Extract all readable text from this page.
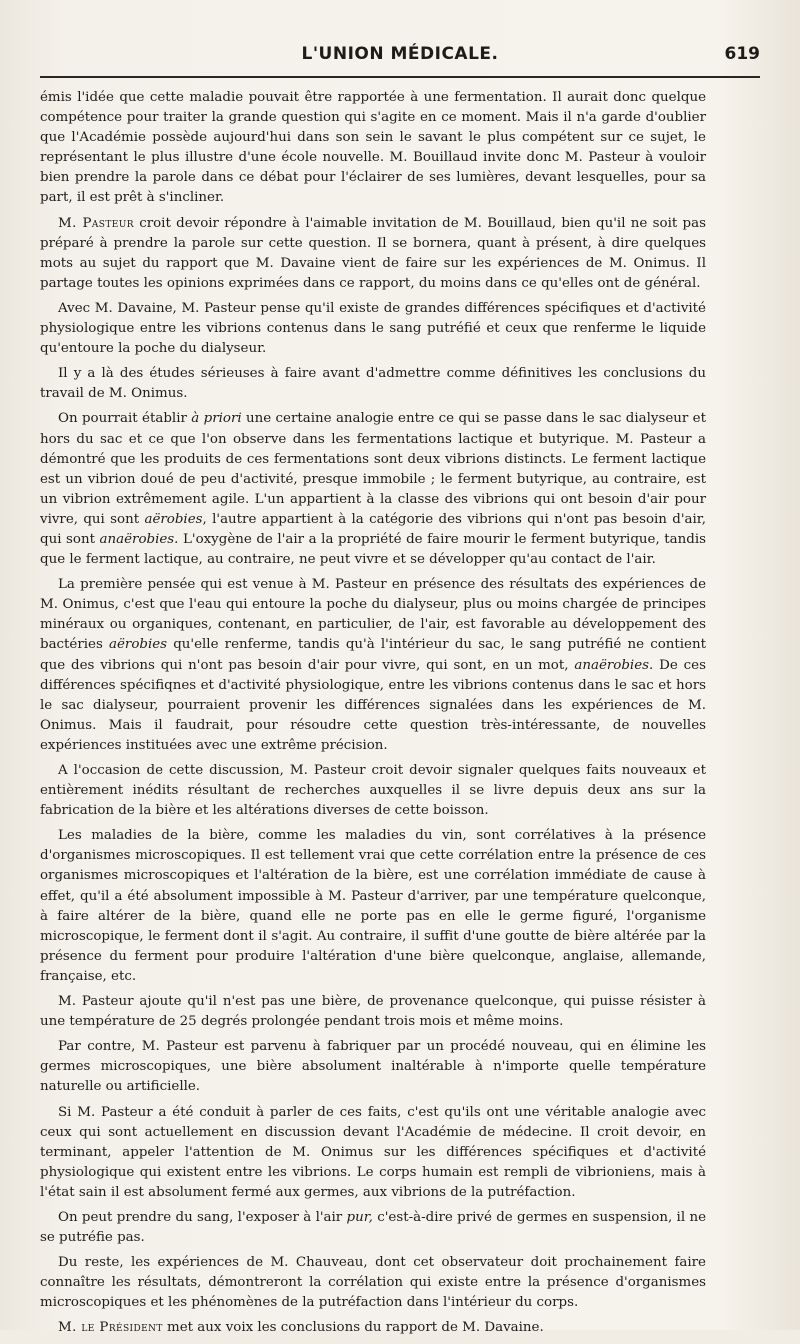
L'UNION MÉDICALE.	619

émis l'idée que cette maladie pouvait être rapportée à une fermentation. Il aurait donc quelque compétence pour traiter la grande question qui s'agite en ce moment. Mais il n'a garde d'oublier que l'Académie possède aujourd'hui dans son sein le savant le plus compétent sur ce sujet, le représentant le plus illustre d'une école nouvelle. M. Bouillaud invite donc M. Pasteur à vouloir bien prendre la parole dans ce débat pour l'éclairer de ses lumières, devant lesquelles, pour sa part, il est prêt à s'incliner.

M. Pasteur croit devoir répondre à l'aimable invitation de M. Bouillaud, bien qu'il ne soit pas préparé à prendre la parole sur cette question. Il se bornera, quant à présent, à dire quelques mots au sujet du rapport que M. Davaine vient de faire sur les expériences de M. Onimus. Il partage toutes les opinions exprimées dans ce rapport, du moins dans ce qu'elles ont de général.

Avec M. Davaine, M. Pasteur pense qu'il existe de grandes différences spécifiques et d'activité physiologique entre les vibrions contenus dans le sang putréfié et ceux que renferme le liquide qu'entoure la poche du dialyseur.

Il y a là des études sérieuses à faire avant d'admettre comme définitives les conclusions du travail de M. Onimus.

On pourrait établir à priori une certaine analogie entre ce qui se passe dans le sac dialyseur et hors du sac et ce que l'on observe dans les fermentations lactique et butyrique. M. Pasteur a démontré que les produits de ces fermentations sont deux vibrions distincts. Le ferment lactique est un vibrion doué de peu d'activité, presque immobile ; le ferment butyrique, au contraire, est un vibrion extrêmement agile. L'un appartient à la classe des vibrions qui ont besoin d'air pour vivre, qui sont aërobies, l'autre appartient à la catégorie des vibrions qui n'ont pas besoin d'air, qui sont anaërobies. L'oxygène de l'air a la propriété de faire mourir le ferment butyrique, tandis que le ferment lactique, au contraire, ne peut vivre et se développer qu'au contact de l'air.

La première pensée qui est venue à M. Pasteur en présence des résultats des expériences de M. Onimus, c'est que l'eau qui entoure la poche du dialyseur, plus ou moins chargée de principes minéraux ou organiques, contenant, en particulier, de l'air, est favorable au développement des bactéries aërobies qu'elle renferme, tandis qu'à l'intérieur du sac, le sang putréfié ne contient que des vibrions qui n'ont pas besoin d'air pour vivre, qui sont, en un mot, anaërobies. De ces différences spécifiqnes et d'activité physiologique, entre les vibrions contenus dans le sac et hors le sac dialyseur, pourraient provenir les différences signalées dans les expériences de M. Onimus. Mais il faudrait, pour résoudre cette question très-intéressante, de nouvelles expériences instituées avec une extrême précision.

A l'occasion de cette discussion, M. Pasteur croit devoir signaler quelques faits nouveaux et entièrement inédits résultant de recherches auxquelles il se livre depuis deux ans sur la fabrication de la bière et les altérations diverses de cette boisson.

Les maladies de la bière, comme les maladies du vin, sont corrélatives à la présence d'organismes microscopiques. Il est tellement vrai que cette corrélation entre la présence de ces organismes microscopiques et l'altération de la bière, est une corrélation immédiate de cause à effet, qu'il a été absolument impossible à M. Pasteur d'arriver, par une température quelconque, à faire altérer de la bière, quand elle ne porte pas en elle le germe figuré, l'organisme microscopique, le ferment dont il s'agit. Au contraire, il suffit d'une goutte de bière altérée par la présence du ferment pour produire l'altération d'une bière quelconque, anglaise, allemande, française, etc.

M. Pasteur ajoute qu'il n'est pas une bière, de provenance quelconque, qui puisse résister à une température de 25 degrés prolongée pendant trois mois et même moins.

Par contre, M. Pasteur est parvenu à fabriquer par un procédé nouveau, qui en élimine les germes microscopiques, une bière absolument inaltérable à n'importe quelle température naturelle ou artificielle.

Si M. Pasteur a été conduit à parler de ces faits, c'est qu'ils ont une véritable analogie avec ceux qui sont actuellement en discussion devant l'Académie de médecine. Il croit devoir, en terminant, appeler l'attention de M. Onimus sur les différences spécifiques et d'activité physiologique qui existent entre les vibrions. Le corps humain est rempli de vibrioniens, mais à l'état sain il est absolument fermé aux germes, aux vibrions de la putréfaction.

On peut prendre du sang, l'exposer à l'air pur, c'est-à-dire privé de germes en suspension, il ne se putréfie pas.

Du reste, les expériences de M. Chauveau, dont cet observateur doit prochainement faire connaître les résultats, démontreront la corrélation qui existe entre la présence d'organismes microscopiques et les phénomènes de la putréfaction dans l'intérieur du corps.

M. le Président met aux voix les conclusions du rapport de M. Davaine.
